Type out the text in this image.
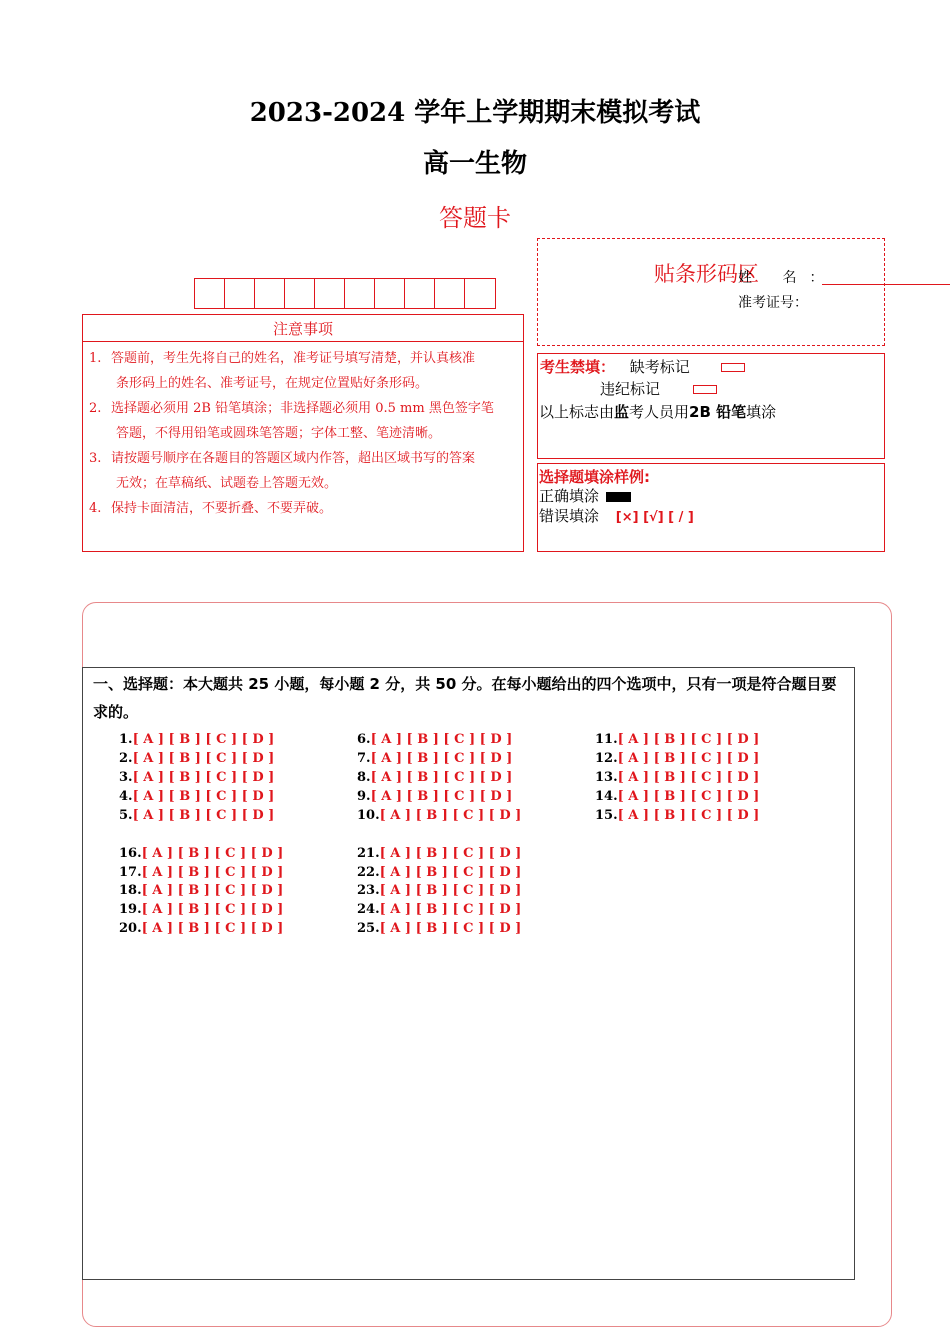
2023-2024 学年上学期期末模拟考试
高一生物
答题卡
注意事项
1. 答题前，考生先将自己的姓名，准考证号填写清楚，并认真核准
条形码上的姓名、准考证号，在规定位置贴好条形码。
2. 选择题必须用 2B 铅笔填涂；非选择题必须用 0.5 mm 黑色签字笔
答题，不得用铅笔或圆珠笔答题；字体工整、笔迹清晰。
3. 请按题号顺序在各题目的答题区域内作答，超出区域书写的答案
无效；在草稿纸、试题卷上答题无效。
4. 保持卡面清洁，不要折叠、不要弄破。
贴条形码区
姓 名：
准考证号：
考生禁填： 缺考标记
违纪标记
以上标志由监考人员用2B 铅笔填涂
选择题填涂样例:
正确填涂
错误填涂 [×] [√] [ / ]
一、选择题：本大题共 25 小题，每小题 2 分，共 50 分。在每小题给出的四个选项中，只有一项是符合题目要求的。
1.[ A ] [ B ] [ C ] [ D ]
2.[ A ] [ B ] [ C ] [ D ]
3.[ A ] [ B ] [ C ] [ D ]
4.[ A ] [ B ] [ C ] [ D ]
5.[ A ] [ B ] [ C ] [ D ]
6.[ A ] [ B ] [ C ] [ D ]
7.[ A ] [ B ] [ C ] [ D ]
8.[ A ] [ B ] [ C ] [ D ]
9.[ A ] [ B ] [ C ] [ D ]
10.[ A ] [ B ] [ C ] [ D ]
11.[ A ] [ B ] [ C ] [ D ]
12.[ A ] [ B ] [ C ] [ D ]
13.[ A ] [ B ] [ C ] [ D ]
14.[ A ] [ B ] [ C ] [ D ]
15.[ A ] [ B ] [ C ] [ D ]
16.[ A ] [ B ] [ C ] [ D ]
17.[ A ] [ B ] [ C ] [ D ]
18.[ A ] [ B ] [ C ] [ D ]
19.[ A ] [ B ] [ C ] [ D ]
20.[ A ] [ B ] [ C ] [ D ]
21.[ A ] [ B ] [ C ] [ D ]
22.[ A ] [ B ] [ C ] [ D ]
23.[ A ] [ B ] [ C ] [ D ]
24.[ A ] [ B ] [ C ] [ D ]
25.[ A ] [ B ] [ C ] [ D ]
